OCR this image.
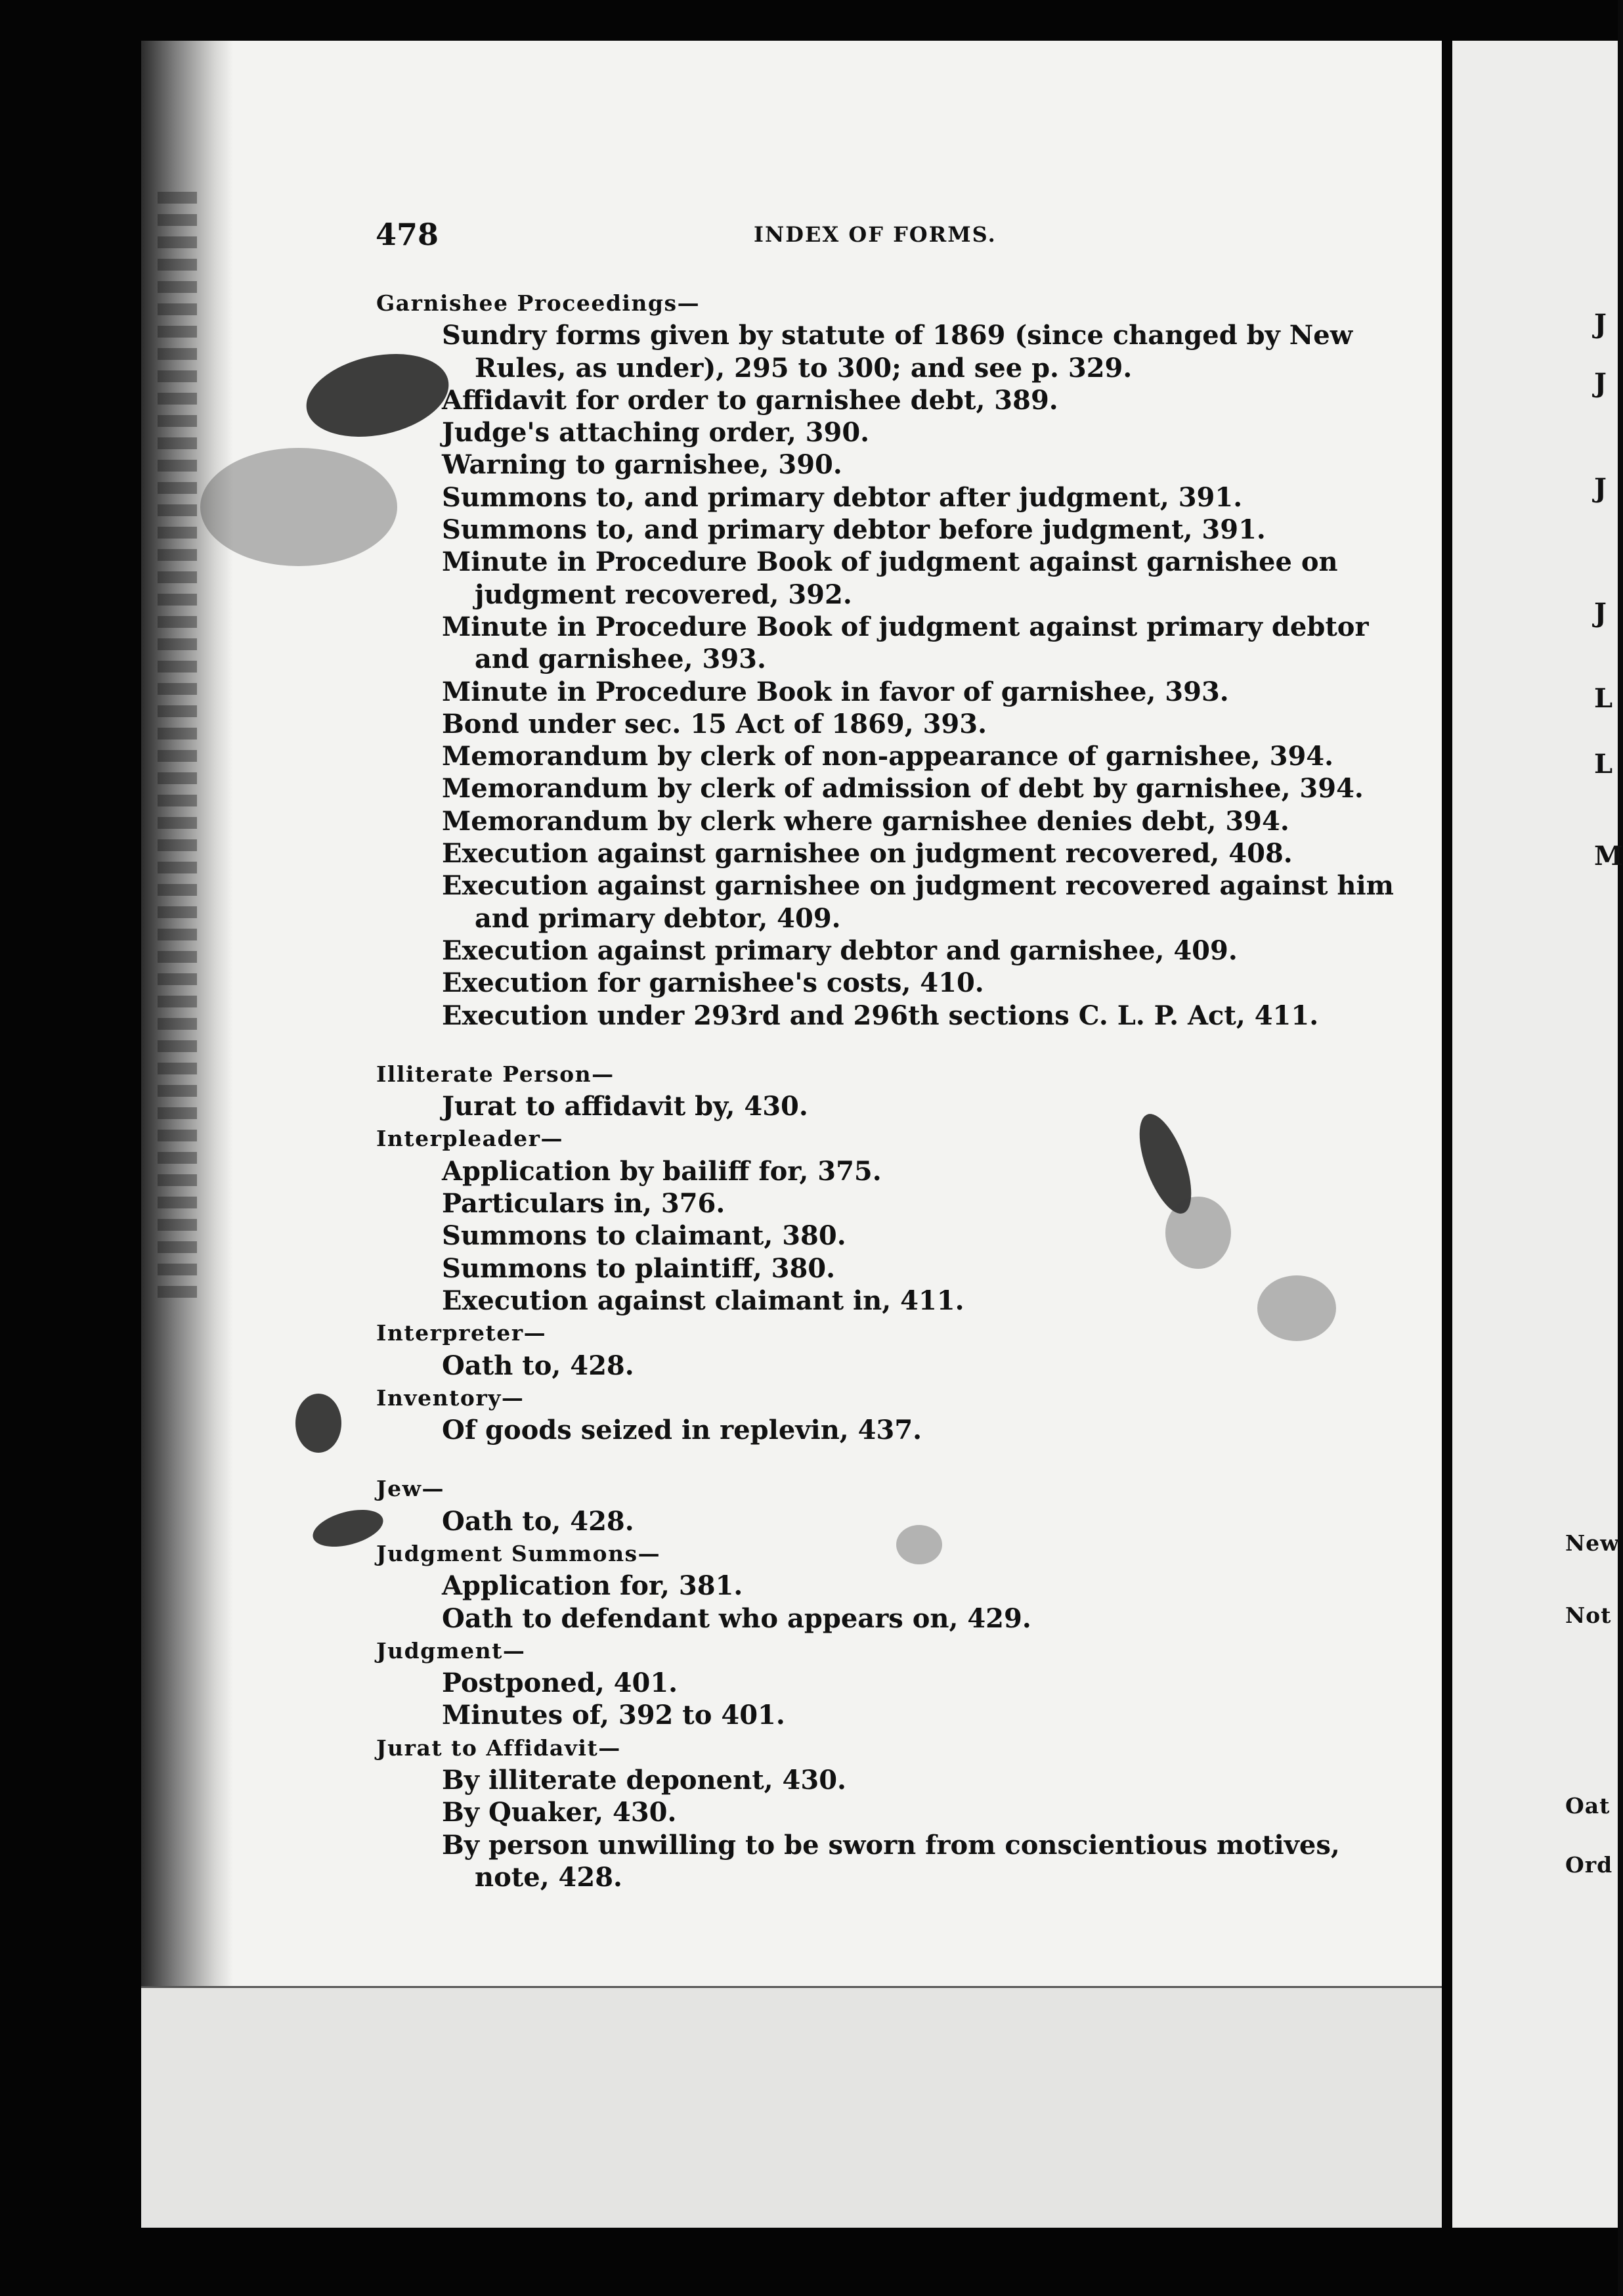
478	INDEX OF FORMS.
Garnishee Proceedings—
Sundry forms given by statute of 1869 (since changed by New
Rules, as under), 295 to 300; and see p. 329.
Affidavit for order to garnishee debt, 389.
Judge's attaching order, 390.
Warning to garnishee, 390.
Summons to, and primary debtor after judgment, 391.
Summons to, and primary debtor before judgment, 391.
Minute in Procedure Book of judgment against garnishee on
judgment recovered, 392.
Minute in Procedure Book of judgment against primary debtor
and garnishee, 393.
Minute in Procedure Book in favor of garnishee, 393.
Bond under sec. 15 Act of 1869, 393.
Memorandum by clerk of non-appearance of garnishee, 394.
Memorandum by clerk of admission of debt by garnishee, 394.
Memorandum by clerk where garnishee denies debt, 394.
Execution against garnishee on judgment recovered, 408.
Execution against garnishee on judgment recovered against him
and primary debtor, 409.
Execution against primary debtor and garnishee, 409.
Execution for garnishee's costs, 410.
Execution under 293rd and 296th sections C. L. P. Act, 411.
Illiterate Person—
Jurat to affidavit by, 430.
Interpleader—
Application by bailiff for, 375.
Particulars in, 376.
Summons to claimant, 380.
Summons to plaintiff, 380.
Execution against claimant in, 411.
Interpreter—
Oath to, 428.
Inventory—
Of goods seized in replevin, 437.
Jew—
Oath to, 428.
Judgment Summons—
Application for, 381.
Oath to defendant who appears on, 429.
Judgment—
Postponed, 401.
Minutes of, 392 to 401.
Jurat to Affidavit—
By illiterate deponent, 430.
By Quaker, 430.
By person unwilling to be sworn from conscientious motives,
note, 428.
J
J
J
J
L
L
M
New
Not
Oat
Ord
